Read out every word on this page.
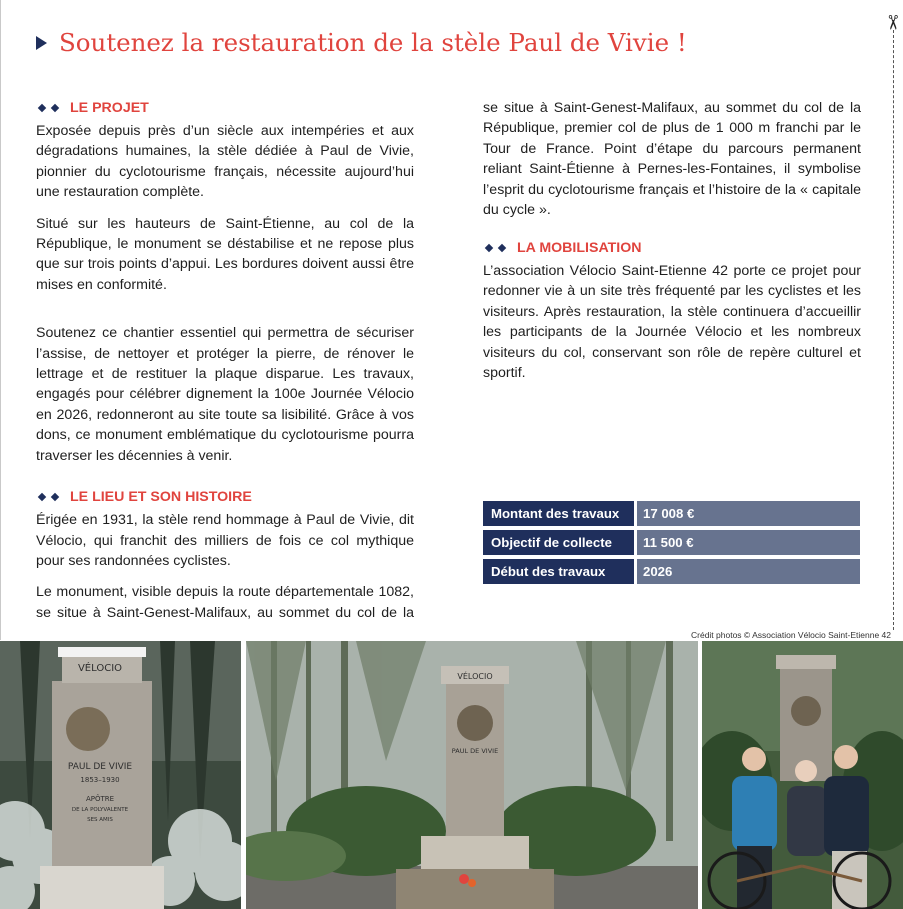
✂
Soutenez la restauration de la stèle Paul de Vivie !
LE PROJET

Exposée depuis près d’un siècle aux intempéries et aux dégradations humaines, la stèle dédiée à Paul de Vivie, pionnier du cyclotourisme français, nécessite aujourd’hui une restauration complète.

Situé sur les hauteurs de Saint-Étienne, au col de la République, le monument se déstabilise et ne repose plus que sur trois points d’appui. Les bordures doivent aussi être mises en conformité.

Soutenez ce chantier essentiel qui permettra de sécuriser l’assise, de nettoyer et protéger la pierre, de rénover le lettrage et de restituer la plaque disparue. Les travaux, engagés pour célébrer dignement la 100e Journée Vélocio en 2026, redonneront au site toute sa lisibilité. Grâce à vos dons, ce monument emblématique du cyclotourisme pourra traverser les décennies à venir.

LE LIEU ET SON HISTOIRE

Érigée en 1931, la stèle rend hommage à Paul de Vivie, dit Vélocio, qui franchit des milliers de fois ce col mythique pour ses randonnées cyclistes.

Le monument, visible depuis la route départementale 1082, se situe à Saint-Genest-Malifaux, au sommet du col de la

se situe à Saint-Genest-Malifaux, au sommet du col de la République, premier col de plus de 1 000 m franchi par le Tour de France. Point d’étape du parcours permanent reliant Saint-Étienne à Pernes-les-Fontaines, il symbolise l’esprit du cyclotourisme français et l’histoire de la « capitale du cycle ».

LA MOBILISATION

L’association Vélocio Saint-Etienne 42 porte ce projet pour redonner vie à un site très fréquenté par les cyclistes et les visiteurs. Après restauration, la stèle continuera d’accueillir les participants de la Journée Vélocio et les nombreux visiteurs du col, conservant son rôle de repère culturel et sportif.

Montant des travaux	17 008 €
Objectif de collecte	11 500 €
Début des travaux	2026
Crédit photos © Association Vélocio Saint-Etienne 42
VÉLOCIO
PAUL DE VIVIE
1853–1930
APÔTRE
DE LA POLYVALENTE
SES AMIS
VÉLOCIO
PAUL DE VIVIE
